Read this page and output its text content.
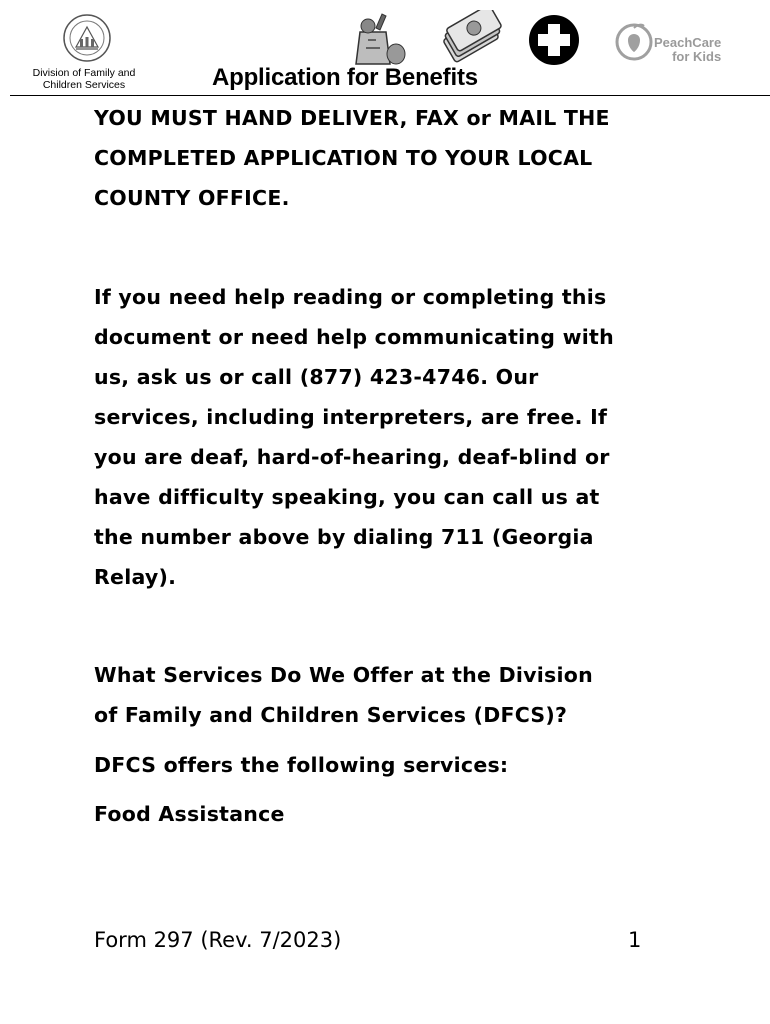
Division of Family and Children Services
PeachCare
for Kids
Application for Benefits
YOU MUST HAND DELIVER, FAX or MAIL THE
COMPLETED APPLICATION TO YOUR LOCAL
COUNTY OFFICE.
If you need help reading or completing this
document or need help communicating with
us, ask us or call (877) 423-4746. Our
services, including interpreters, are free. If
you are deaf, hard-of-hearing, deaf-blind or
have difficulty speaking, you can call us at
the number above by dialing 711 (Georgia
Relay).
What Services Do We Offer at the Division
of Family and Children Services (DFCS)?
DFCS offers the following services:
Food Assistance
Form 297 (Rev. 7/2023)	1
